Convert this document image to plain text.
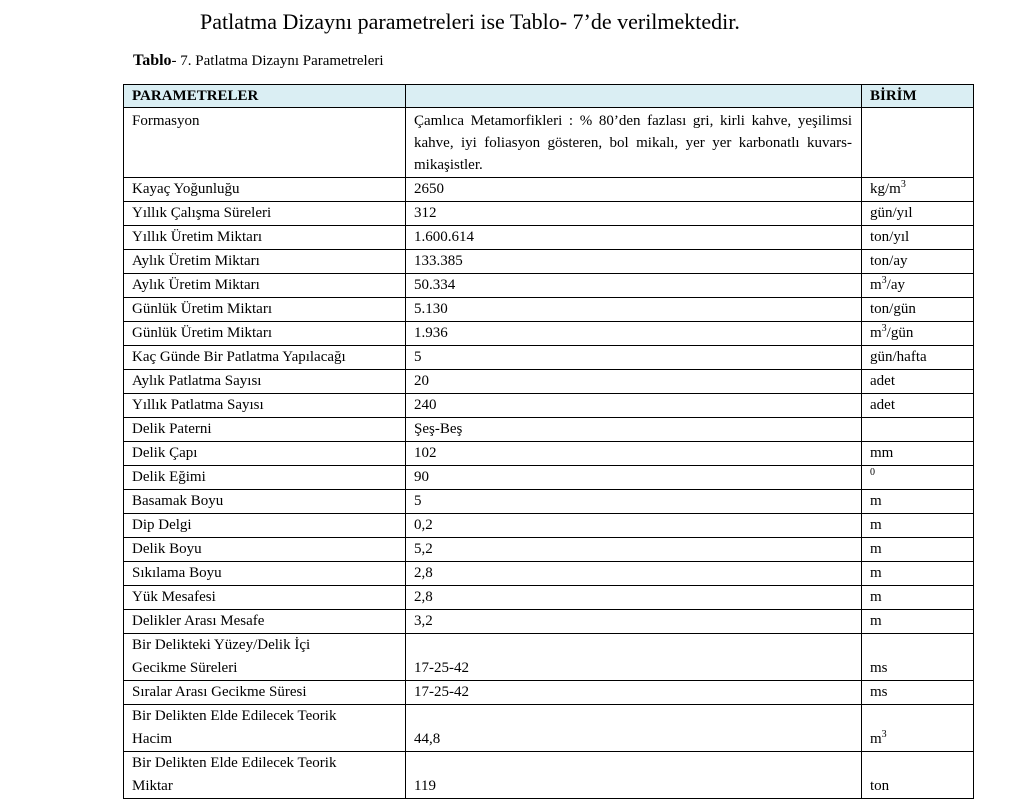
Patlatma Dizaynı parametreleri ise Tablo- 7’de verilmektedir.
Tablo- 7. Patlatma Dizaynı Parametreleri
PARAMETRELER		BİRİM
Formasyon	Çamlıca Metamorfikleri : % 80’den fazlası gri, kirli kahve, yeşilimsi kahve, iyi foliasyon gösteren, bol mikalı, yer yer karbonatlı kuvars-mikaşistler.	
Kayaç Yoğunluğu	2650	$kg/m^3$
Yıllık Çalışma Süreleri	312	gün/yıl
Yıllık Üretim Miktarı	1.600.614	ton/yıl
Aylık Üretim Miktarı	133.385	ton/ay
Aylık Üretim Miktarı	50.334	$m^3/ay$
Günlük Üretim Miktarı	5.130	ton/gün
Günlük Üretim Miktarı	1.936	$m^3$/gün
Kaç Günde Bir Patlatma Yapılacağı	5	gün/hafta
Aylık Patlatma Sayısı	20	adet
Yıllık Patlatma Sayısı	240	adet
Delik Paterni	Şeş-Beş	
Delik Çapı	102	mm
Delik Eğimi	90	$^0$
Basamak Boyu	5	m
Dip Delgi	0,2	m
Delik Boyu	5,2	m
Sıkılama Boyu	2,8	m
Yük Mesafesi	2,8	m
Delikler Arası Mesafe	3,2	m

Bir Delikteki Yüzey/Delik İçi
Gecikme Süreleri	17-25-42	ms
Sıralar Arası Gecikme Süresi	17-25-42	ms

Bir Delikten Elde Edilecek Teorik
Hacim	44,8	$m^3$

Bir Delikten Elde Edilecek Teorik
Miktar	119	ton
